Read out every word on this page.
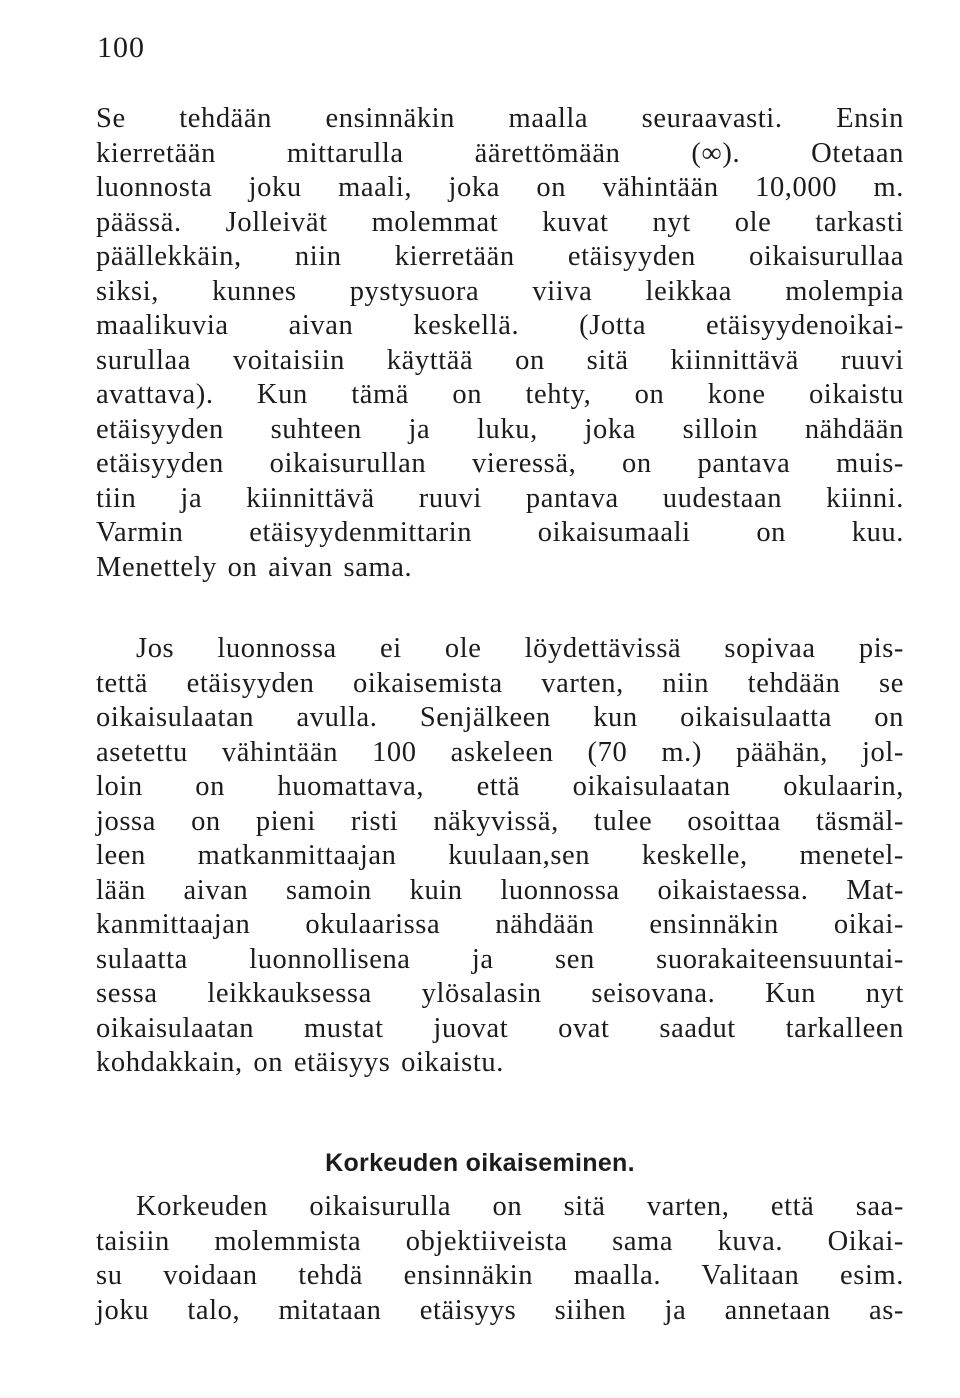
100
Se tehdään ensinnäkin maalla seuraavasti. Ensin
kierretään mittarulla äärettömään (∞). Otetaan
luonnosta joku maali, joka on vähintään 10,000 m.
päässä. Jolleivät molemmat kuvat nyt ole tarkasti
päällekkäin, niin kierretään etäisyyden oikaisurullaa
siksi, kunnes pystysuora viiva leikkaa molempia
maalikuvia aivan keskellä. (Jotta etäisyydenoikai-
surullaa voitaisiin käyttää on sitä kiinnittävä ruuvi
avattava). Kun tämä on tehty, on kone oikaistu
etäisyyden suhteen ja luku, joka silloin nähdään
etäisyyden oikaisurullan vieressä, on pantava muis-
tiin ja kiinnittävä ruuvi pantava uudestaan kiinni.
Varmin etäisyydenmittarin oikaisumaali on kuu.
Menettely on aivan sama.
Jos luonnossa ei ole löydettävissä sopivaa pis-
tettä etäisyyden oikaisemista varten, niin tehdään se
oikaisulaatan avulla. Senjälkeen kun oikaisulaatta on
asetettu vähintään 100 askeleen (70 m.) päähän, jol-
loin on huomattava, että oikaisulaatan okulaarin,
jossa on pieni risti näkyvissä, tulee osoittaa täsmäl-
leen matkanmittaajan kuulaan,sen keskelle, menetel-
lään aivan samoin kuin luonnossa oikaistaessa. Mat-
kanmittaajan okulaarissa nähdään ensinnäkin oikai-
sulaatta luonnollisena ja sen suorakaiteensuuntai-
sessa leikkauksessa ylösalasin seisovana. Kun nyt
oikaisulaatan mustat juovat ovat saadut tarkalleen
kohdakkain, on etäisyys oikaistu.
Korkeuden oikaiseminen.
Korkeuden oikaisurulla on sitä varten, että saa-
taisiin molemmista objektiiveista sama kuva. Oikai-
su voidaan tehdä ensinnäkin maalla. Valitaan esim.
joku talo, mitataan etäisyys siihen ja annetaan as-
